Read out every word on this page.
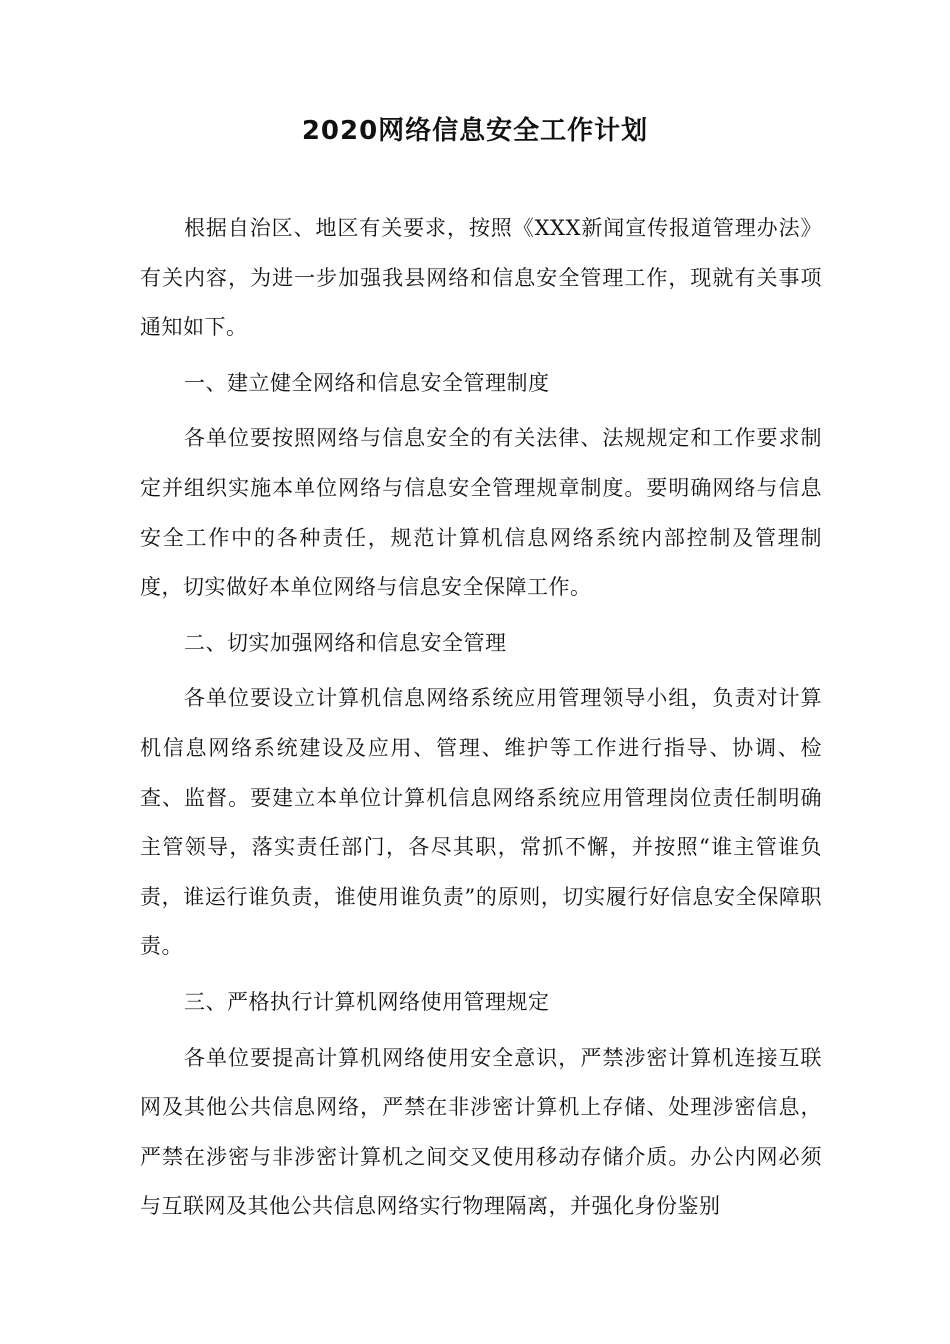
2020网络信息安全工作计划

根据自治区、地区有关要求，按照《XXX新闻宣传报道管理办法》有关内容，为进一步加强我县网络和信息安全管理工作，现就有关事项通知如下。

一、建立健全网络和信息安全管理制度

各单位要按照网络与信息安全的有关法律、法规规定和工作要求制定并组织实施本单位网络与信息安全管理规章制度。要明确网络与信息安全工作中的各种责任，规范计算机信息网络系统内部控制及管理制度，切实做好本单位网络与信息安全保障工作。

二、切实加强网络和信息安全管理

各单位要设立计算机信息网络系统应用管理领导小组，负责对计算机信息网络系统建设及应用、管理、维护等工作进行指导、协调、检查、监督。要建立本单位计算机信息网络系统应用管理岗位责任制明确主管领导，落实责任部门，各尽其职，常抓不懈，并按照“谁主管谁负责，谁运行谁负责，谁使用谁负责”的原则，切实履行好信息安全保障职责。

三、严格执行计算机网络使用管理规定

各单位要提高计算机网络使用安全意识，严禁涉密计算机连接互联网及其他公共信息网络，严禁在非涉密计算机上存储、处理涉密信息，严禁在涉密与非涉密计算机之间交叉使用移动存储介质。办公内网必须与互联网及其他公共信息网络实行物理隔离，并强化身份鉴别
